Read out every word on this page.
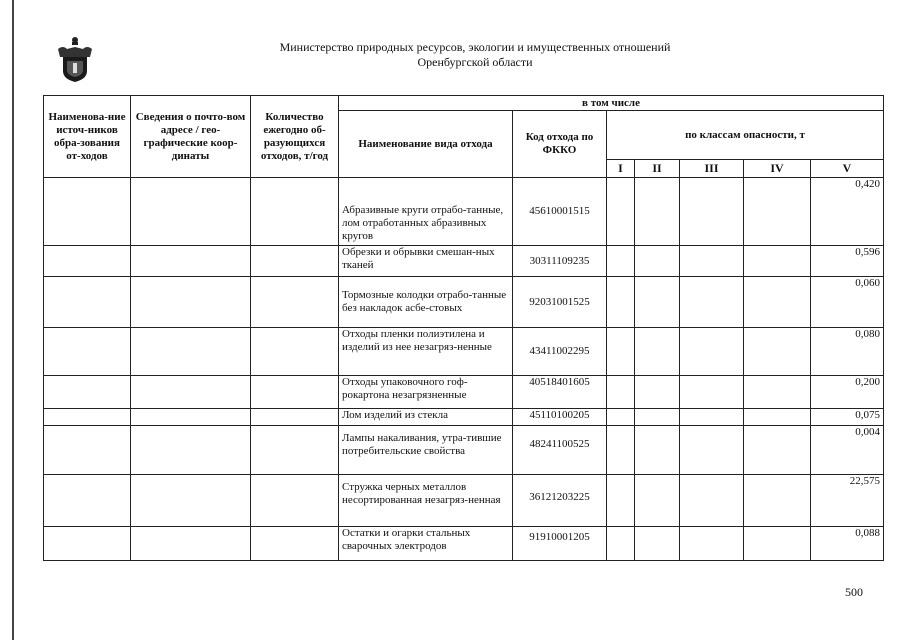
Министерство природных ресурсов, экологии и имущественных отношений
Оренбургской области
Наименова-ние источ-ников обра-зования от-ходов	Сведения о почто-вом адресе / гео-графические коор-динаты	Количество ежегодно об-разующихся отходов, т/год	в том числе						
			Наименование вида отхода	Код отхода по ФККО	по классам опасности, т				
					I	II	III	IV	V
			Абразивные круги отрабо-танные, лом отработанных абразивных кругов	45610001515					0,420
			Обрезки и обрывки смешан-ных тканей	30311109235					0,596
			Тормозные колодки отрабо-танные без накладок асбе-стовых	92031001525					0,060
			Отходы пленки полиэтилена и изделий из нее незагряз-ненные	43411002295					0,080
			Отходы упаковочного гоф-рокартона незагрязненные	40518401605					0,200
			Лом изделий из стекла	45110100205					0,075
			Лампы накаливания, утра-тившие потребительские свойства	48241100525					0,004
			Стружка черных металлов несортированная незагряз-ненная	36121203225					22,575
			Остатки и огарки стальных сварочных электродов	91910001205					0,088
500
